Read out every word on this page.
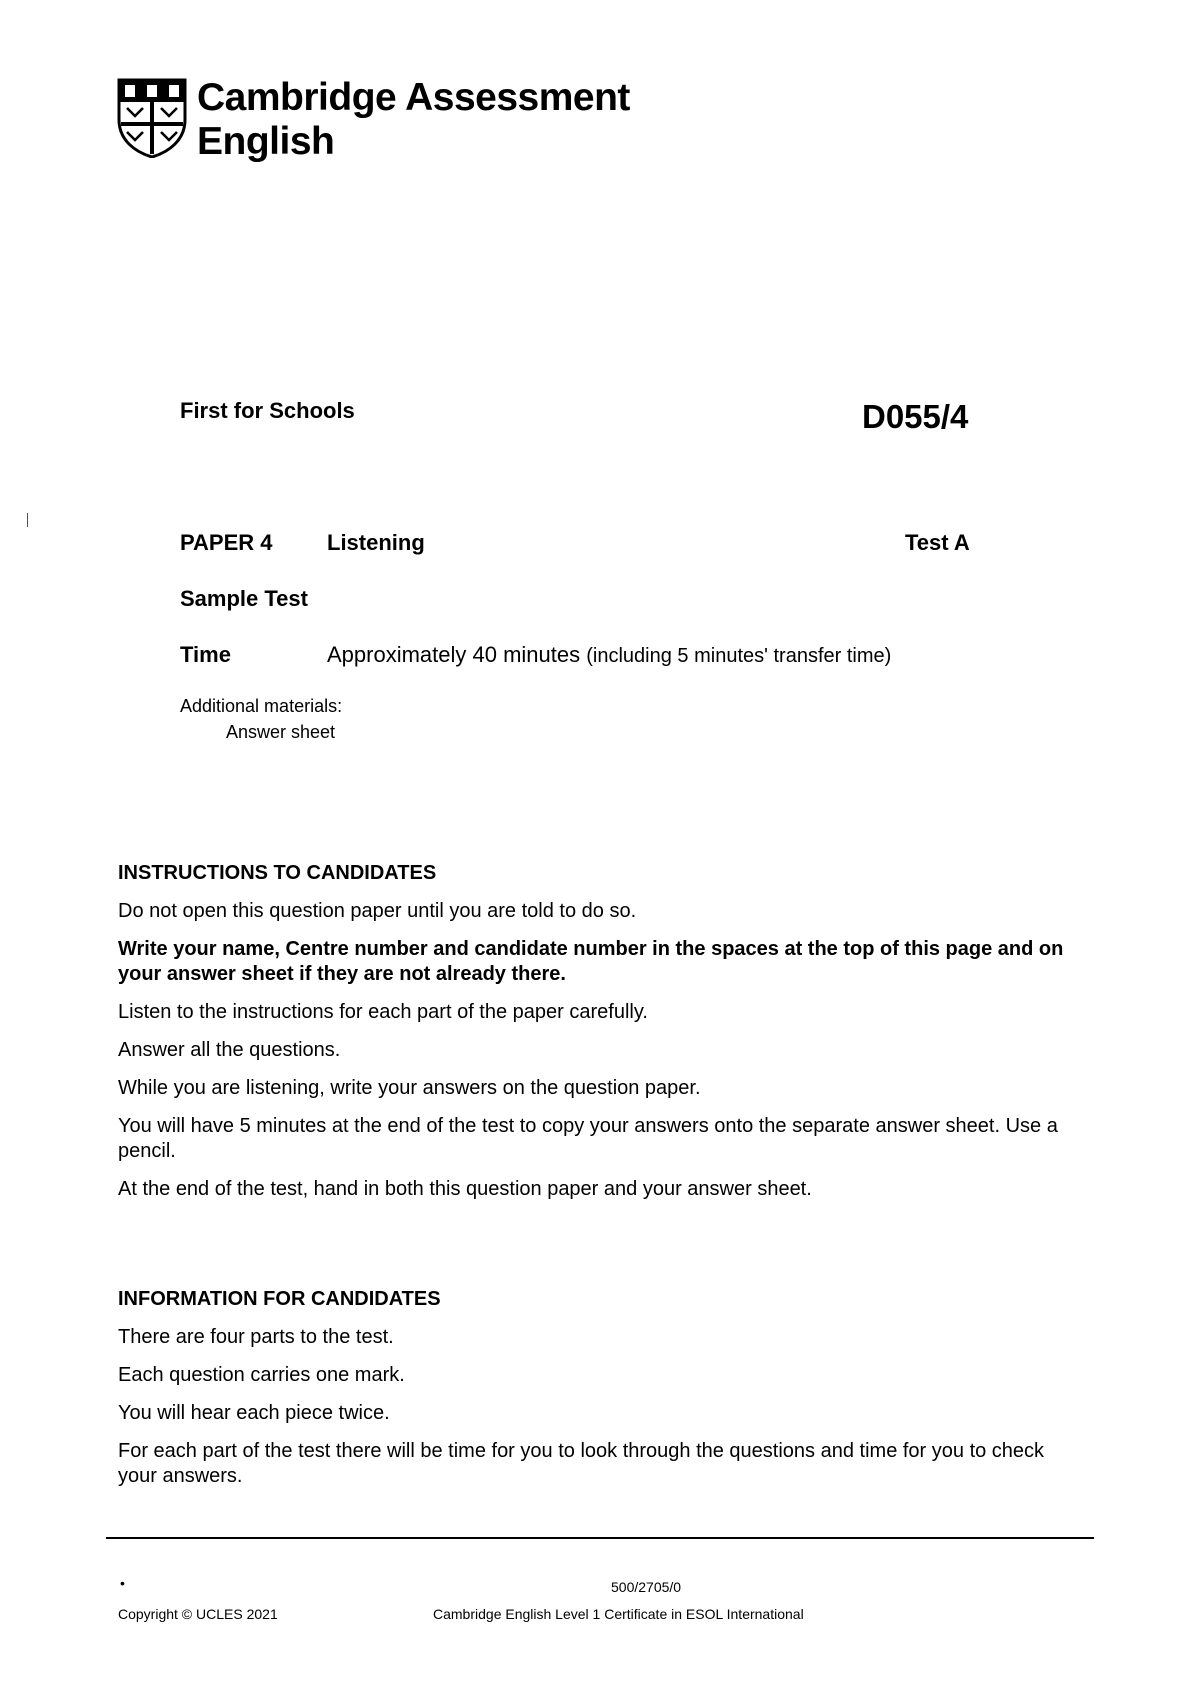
Cambridge Assessment
English
First for Schools	D055/4
PAPER 4 Listening	Test A
Sample Test
Time	Approximately 40 minutes (including 5 minutes' transfer time)
Additional materials:
Answer sheet
INSTRUCTIONS TO CANDIDATES

Do not open this question paper until you are told to do so.

Write your name, Centre number and candidate number in the spaces at the top of this page and on your answer sheet if they are not already there.

Listen to the instructions for each part of the paper carefully.

Answer all the questions.

While you are listening, write your answers on the question paper.

You will have 5 minutes at the end of the test to copy your answers onto the separate answer sheet. Use a pencil.

At the end of the test, hand in both this question paper and your answer sheet.

INFORMATION FOR CANDIDATES

There are four parts to the test.

Each question carries one mark.

You will hear each piece twice.

For each part of the test there will be time for you to look through the questions and time for you to check your answers.

•	500/2705/0
Copyright © UCLES 2021	Cambridge English Level 1 Certificate in ESOL International
